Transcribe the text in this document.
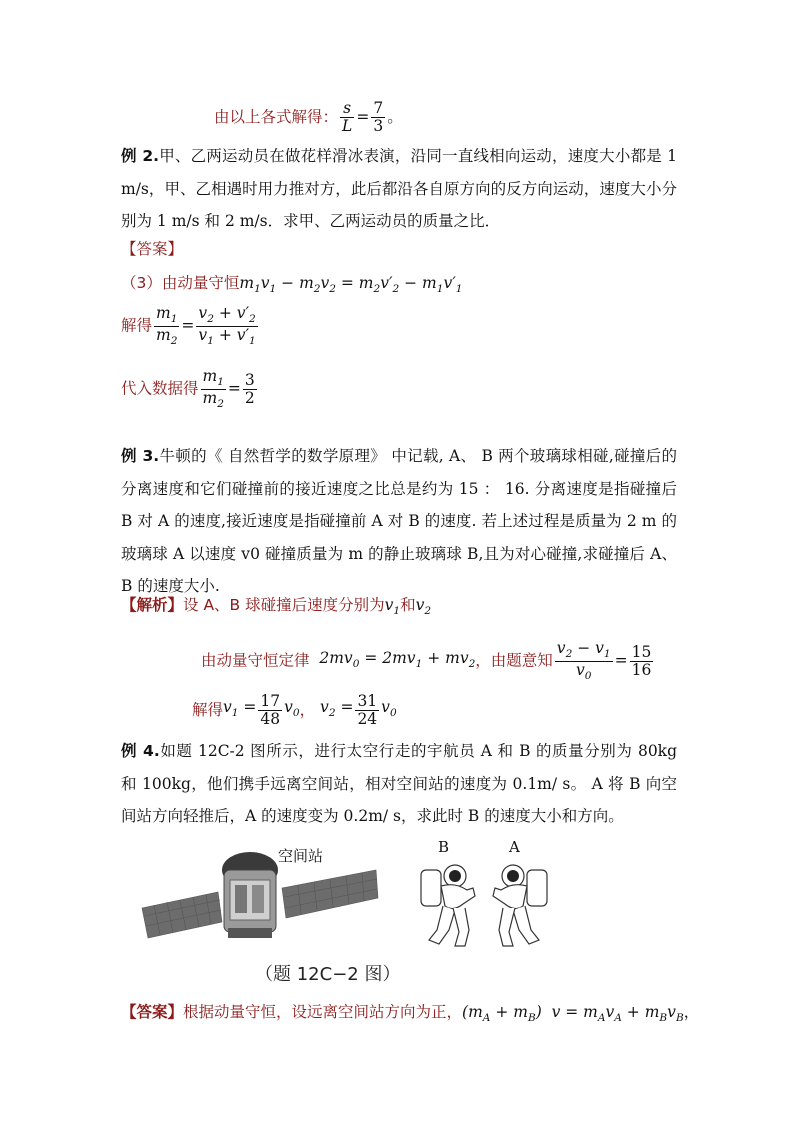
由以上各式解得： $\frac{s}{L} = \frac{7}{3}$ 。
例 2.甲、乙两运动员在做花样滑冰表演，沿同一直线相向运动，速度大小都是 1 m/s，甲、乙相遇时用力推对方，此后都沿各自原方向的反方向运动，速度大小分别为 1 m/s 和 2 m/s．求甲、乙两运动员的质量之比．
【答案】
（3）由动量守恒$m_1v_1 - m_2v_2 = m_2v'_2 - m_1v'_1$
解得 $\frac{m_1}{m_2} = \frac{v_2 + v'_2}{v_1 + v'_1}$
代入数据得 $\frac{m_1}{m_2} = \frac{3}{2}$
例 3.牛顿的《 自然哲学的数学原理》 中记载, A、 B 两个玻璃球相碰,碰撞后的分离速度和它们碰撞前的接近速度之比总是约为 15 ： 16. 分离速度是指碰撞后 B 对 A 的速度,接近速度是指碰撞前 A 对 B 的速度. 若上述过程是质量为 2 m 的玻璃球 A 以速度 v0 碰撞质量为 m 的静止玻璃球 B,且为对心碰撞,求碰撞后 A、B 的速度大小.
【解析】设 A、B 球碰撞后速度分别为$v_1$和$v_2$
由动量守恒定律 $2mv_0 = 2mv_1 + mv_2$，由题意知 $\frac{v_2 - v_1}{v_0} = \frac{15}{16}$
解得$v_1 = \frac{17}{48} v_0$， $v_2 = \frac{31}{24} v_0$
例 4.如题 12C-2 图所示，进行太空行走的宇航员 A 和 B 的质量分别为 80kg 和 100kg，他们携手远离空间站，相对空间站的速度为 0.1m/ s。 A 将 B 向空间站方向轻推后，A 的速度变为 0.2m/ s，求此时 B 的速度大小和方向。
空间站	B	A
（题 12C−2 图）
【答案】根据动量守恒，设远离空间站方向为正，$(m_A + m_B) v = m_Av_A + m_Bv_B$，
